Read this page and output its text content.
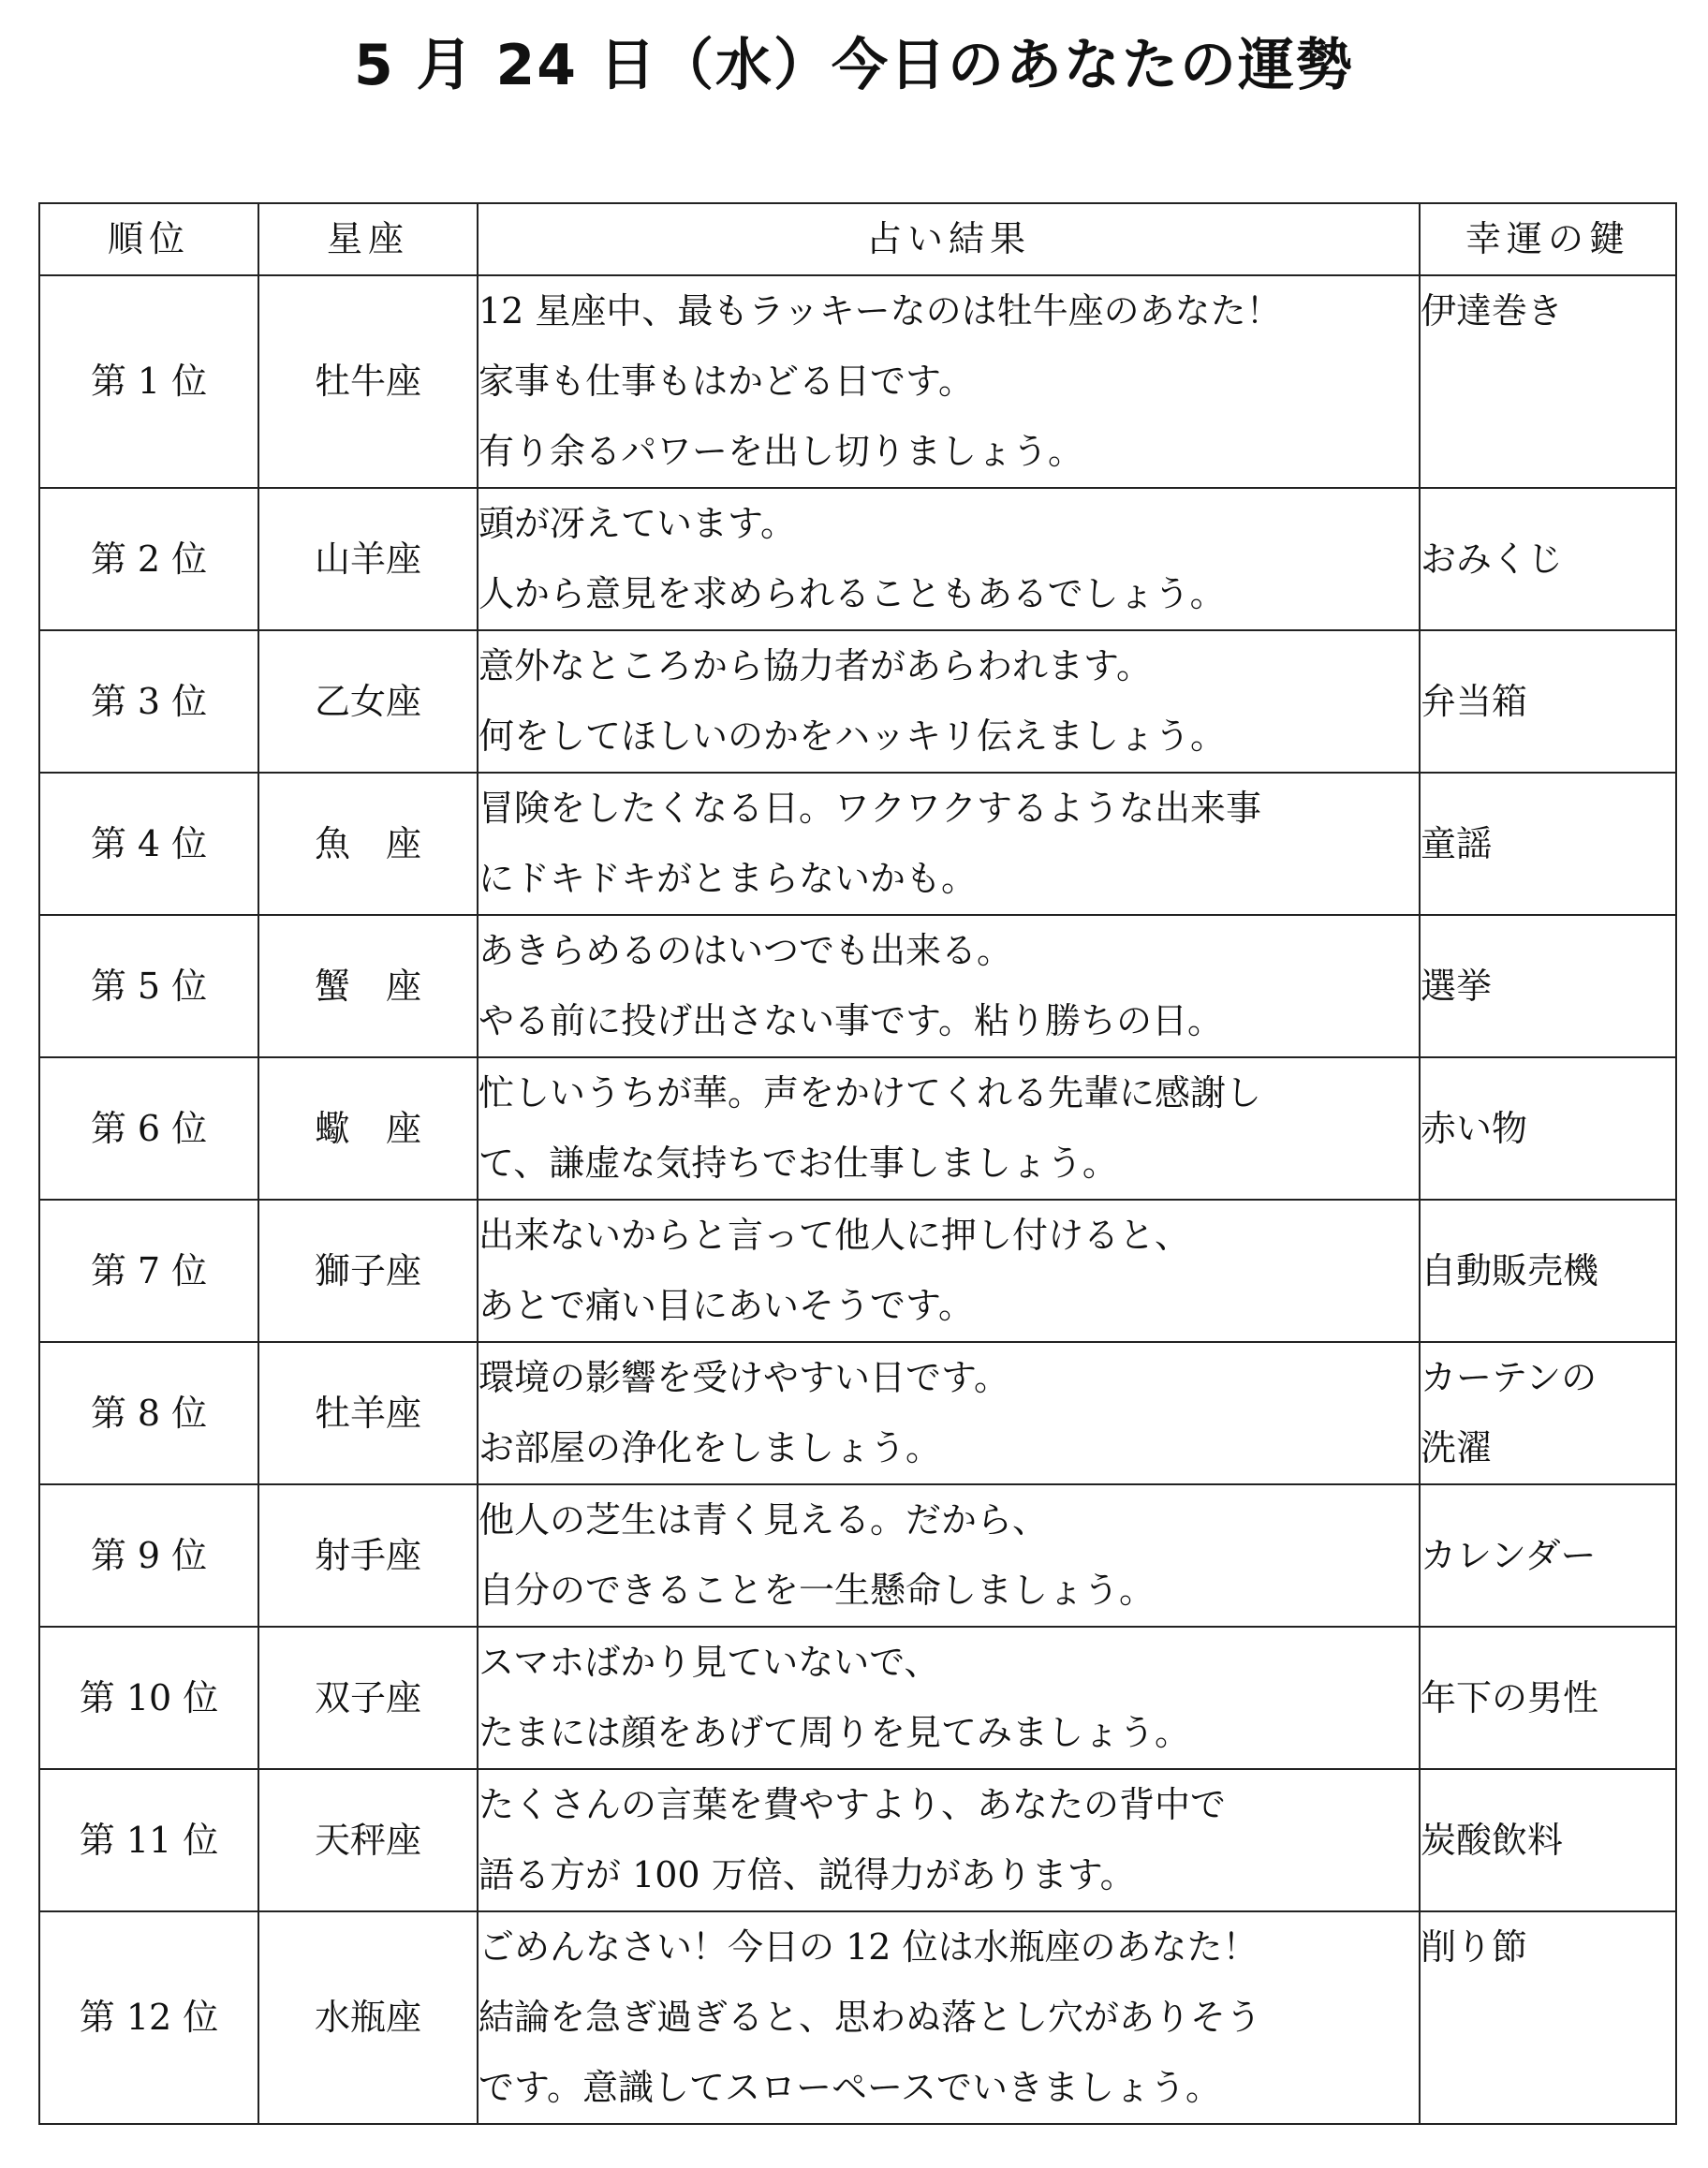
5 月 24 日（水）今日のあなたの運勢
順位	星座	占い結果	幸運の鍵
第 1 位	牡牛座	12 星座中、最もラッキーなのは牡牛座のあなた！
家事も仕事もはかどる日です。
有り余るパワーを出し切りましょう。	伊達巻き

第 2 位	山羊座	頭が冴えています。
人から意見を求められることもあるでしょう。	おみくじ

第 3 位	乙女座	意外なところから協力者があらわれます。
何をしてほしいのかをハッキリ伝えましょう。	弁当箱

第 4 位	魚　座	冒険をしたくなる日。ワクワクするような出来事
にドキドキがとまらないかも。	童謡

第 5 位	蟹　座	あきらめるのはいつでも出来る。
やる前に投げ出さない事です。粘り勝ちの日。	選挙

第 6 位	蠍　座	忙しいうちが華。声をかけてくれる先輩に感謝し
て、謙虚な気持ちでお仕事しましょう。	赤い物

第 7 位	獅子座	出来ないからと言って他人に押し付けると、
あとで痛い目にあいそうです。	自動販売機

第 8 位	牡羊座	環境の影響を受けやすい日です。
お部屋の浄化をしましょう。	カーテンの
洗濯

第 9 位	射手座	他人の芝生は青く見える。だから、
自分のできることを一生懸命しましょう。	カレンダー

第 10 位	双子座	スマホばかり見ていないで、
たまには顔をあげて周りを見てみましょう。	年下の男性

第 11 位	天秤座	たくさんの言葉を費やすより、あなたの背中で
語る方が 100 万倍、説得力があります。	炭酸飲料

第 12 位	水瓶座	ごめんなさい！今日の 12 位は水瓶座のあなた！
結論を急ぎ過ぎると、思わぬ落とし穴がありそう
です。意識してスローペースでいきましょう。	削り節
